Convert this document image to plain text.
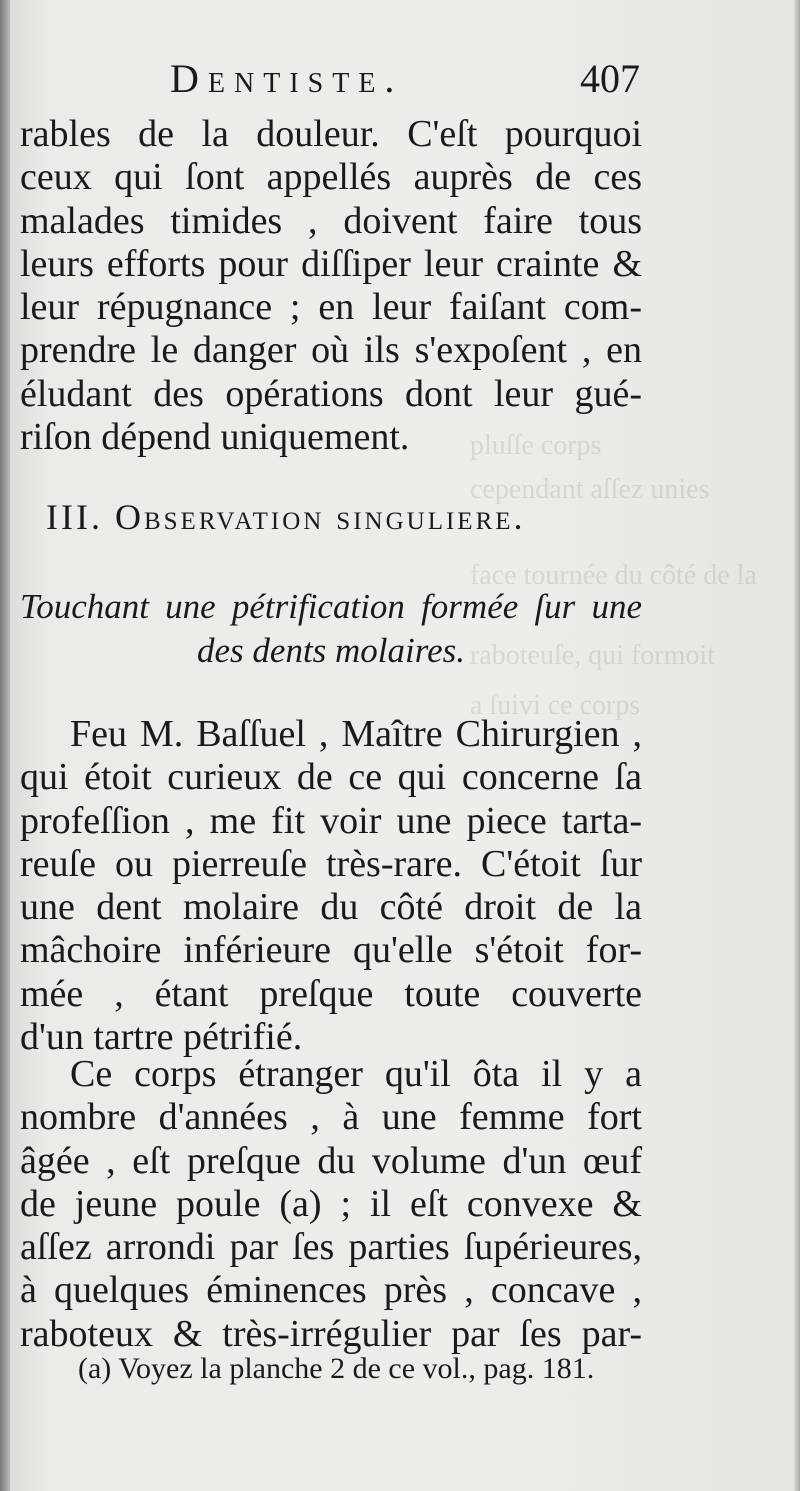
pluſſe corps
cependant aſſez unies
face tournée du côté de la
raboteuſe, qui formoit
a ſuivi ce corps
Dentiste.	407
rables de la douleur. C'eſt pourquoi
ceux qui ſont appellés auprès de ces
malades timides , doivent faire tous
leurs efforts pour diſſiper leur crainte &
leur répugnance ; en leur faiſant com-
prendre le danger où ils s'expoſent , en
éludant des opérations dont leur gué-
riſon dépend uniquement.
III. Observation singuliere.
Touchant une pétrification formée ſur une
des dents molaires.
Feu M. Baſſuel , Maître Chirurgien ,
qui étoit curieux de ce qui concerne ſa
profeſſion , me fit voir une piece tarta-
reuſe ou pierreuſe très-rare. C'étoit ſur
une dent molaire du côté droit de la
mâchoire inférieure qu'elle s'étoit for-
mée , étant preſque toute couverte
d'un tartre pétrifié.
Ce corps étranger qu'il ôta il y a
nombre d'années , à une femme fort
âgée , eſt preſque du volume d'un œuf
de jeune poule (a) ; il eſt convexe &
aſſez arrondi par ſes parties ſupérieures,
à quelques éminences près , concave ,
raboteux & très-irrégulier par ſes par-
(a) Voyez la planche 2 de ce vol., pag. 181.
